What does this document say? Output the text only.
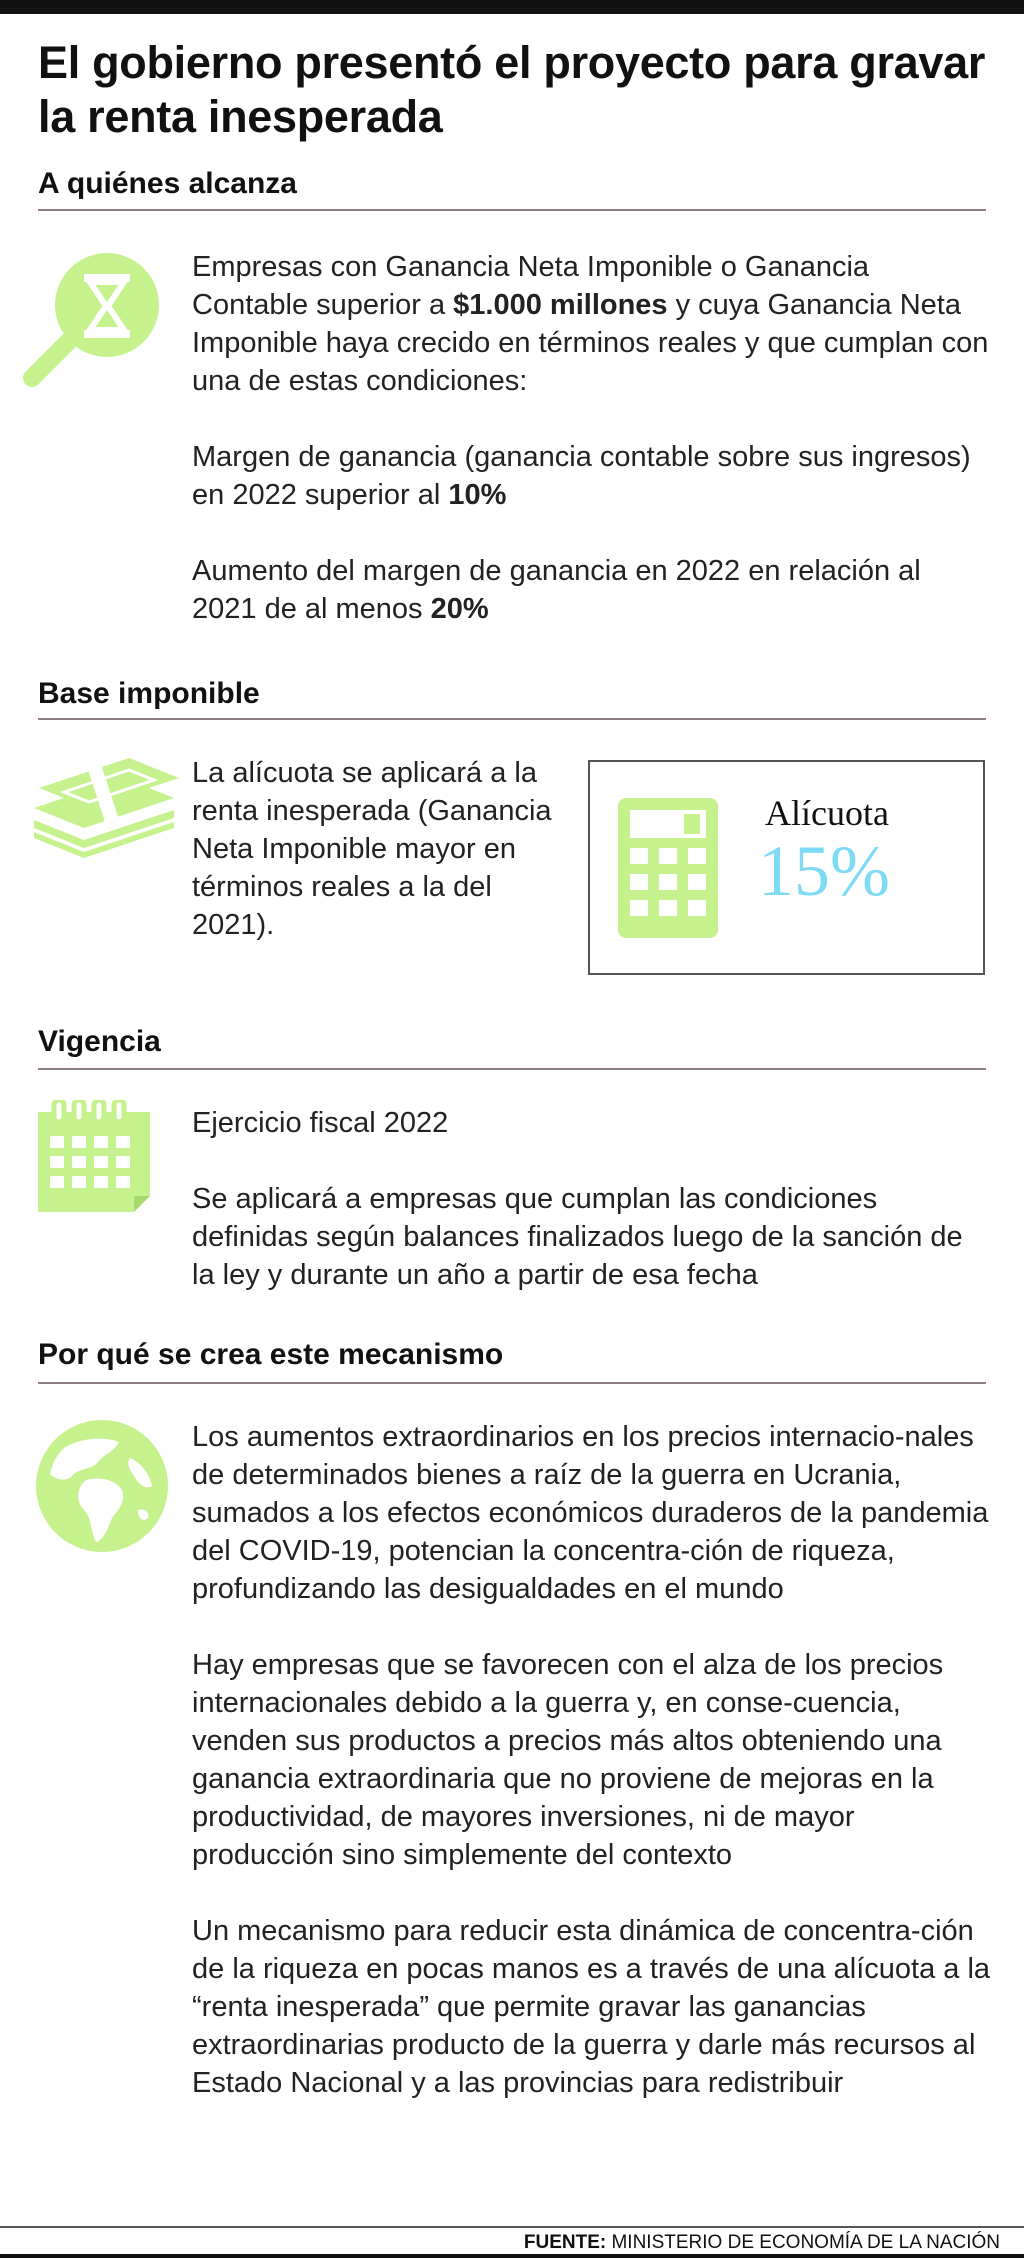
El gobierno presentó el proyecto para gravar la renta inesperada
A quiénes alcanza

Empresas con Ganancia Neta Imponible o Ganancia Contable superior a $1.000 millones y cuya Ganancia Neta Imponible haya crecido en términos reales y que cumplan con una de estas condiciones:

Margen de ganancia (ganancia contable sobre sus ingresos) en 2022 superior al 10%

Aumento del margen de ganancia en 2022 en relación al 2021 de al menos 20%

Base imponible
La alícuota se aplicará a la renta inesperada (Ganancia Neta Imponible mayor en términos reales a la del 2021).
Alícuota
15%
Vigencia

Ejercicio fiscal 2022

Se aplicará a empresas que cumplan las condiciones definidas según balances finalizados luego de la sanción de la ley y durante un año a partir de esa fecha

Por qué se crea este mecanismo

Los aumentos extraordinarios en los precios internacio-nales de determinados bienes a raíz de la guerra en Ucrania, sumados a los efectos económicos duraderos de la pandemia del COVID-19, potencian la concentra-ción de riqueza, profundizando las desigualdades en el mundo

Hay empresas que se favorecen con el alza de los precios internacionales debido a la guerra y, en conse-cuencia, venden sus productos a precios más altos obteniendo una ganancia extraordinaria que no proviene de mejoras en la productividad, de mayores inversiones, ni de mayor producción sino simplemente del contexto

Un mecanismo para reducir esta dinámica de concentra-ción de la riqueza en pocas manos es a través de una alícuota a la “renta inesperada” que permite gravar las ganancias extraordinarias producto de la guerra y darle más recursos al Estado Nacional y a las provincias para redistribuir

FUENTE: MINISTERIO DE ECONOMÍA DE LA NACIÓN
